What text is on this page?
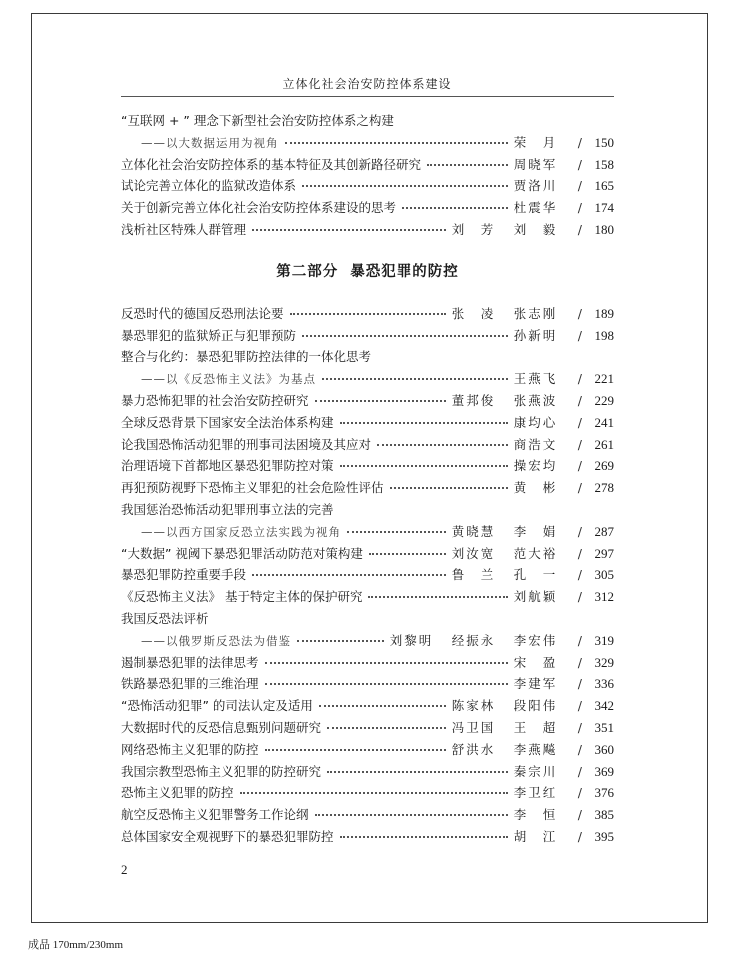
立体化社会治安防控体系建设
“互联网 + ” 理念下新型社会治安防控体系之构建
——以大数据运用为视角	荣　月	/ 150
立体化社会治安防控体系的基本特征及其创新路径研究	周晓军	/ 158
试论完善立体化的监狱改造体系	贾洛川	/ 165
关于创新完善立体化社会治安防控体系建设的思考	杜震华	/ 174
浅析社区特殊人群管理	刘　芳	刘　毅	/ 180
第二部分 暴恐犯罪的防控
反恐时代的德国反恐刑法论要	张　凌	张志刚	/ 189
暴恐罪犯的监狱矫正与犯罪预防	孙新明	/ 198
整合与化约：暴恐犯罪防控法律的一体化思考
——以《反恐怖主义法》为基点	王燕飞	/ 221
暴力恐怖犯罪的社会治安防控研究	董邦俊	张燕波	/ 229
全球反恐背景下国家安全法治体系构建	康均心	/ 241
论我国恐怖活动犯罪的刑事司法困境及其应对	商浩文	/ 261
治理语境下首都地区暴恐犯罪防控对策	操宏均	/ 269
再犯预防视野下恐怖主义罪犯的社会危险性评估	黄　彬	/ 278
我国惩治恐怖活动犯罪刑事立法的完善
——以西方国家反恐立法实践为视角	黄晓慧	李　娟	/ 287
“大数据” 视阈下暴恐犯罪活动防范对策构建	刘汝宽	范大裕	/ 297
暴恐犯罪防控重要手段	鲁　兰	孔　一	/ 305
《反恐怖主义法》 基于特定主体的保护研究	刘航颖	/ 312
我国反恐法评析
——以俄罗斯反恐法为借鉴	刘黎明	经振永	李宏伟	/ 319
遏制暴恐犯罪的法律思考	宋　盈	/ 329
铁路暴恐犯罪的三维治理	李建军	/ 336
“恐怖活动犯罪” 的司法认定及适用	陈家林	段阳伟	/ 342
大数据时代的反恐信息甄别问题研究	冯卫国	王　超	/ 351
网络恐怖主义犯罪的防控	舒洪水	李燕飚	/ 360
我国宗教型恐怖主义犯罪的防控研究	秦宗川	/ 369
恐怖主义犯罪的防控	李卫红	/ 376
航空反恐怖主义犯罪警务工作论纲	李　恒	/ 385
总体国家安全观视野下的暴恐犯罪防控	胡　江	/ 395
2
成品 170mm/230mm
